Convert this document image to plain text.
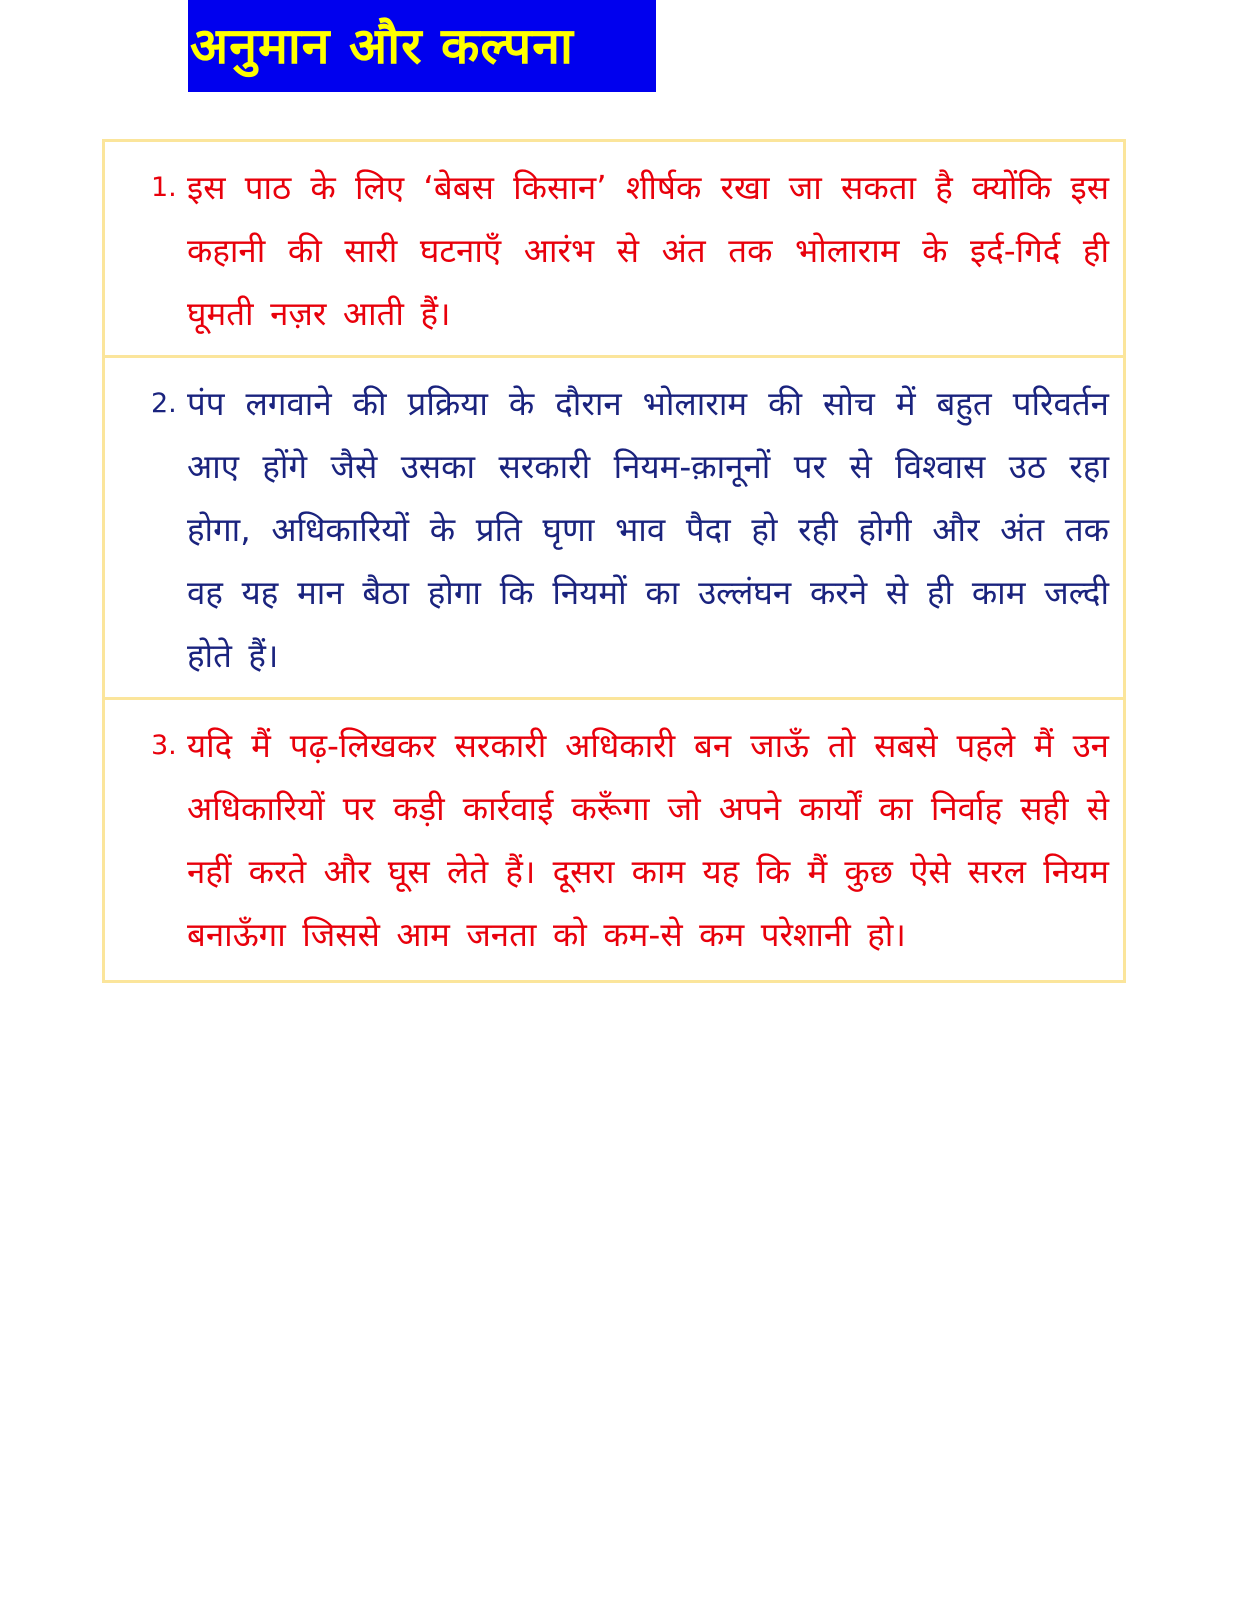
अनुमान और कल्पना
1. इस पाठ के लिए ‘बेबस किसान’ शीर्षक रखा जा सकता है क्योंकि इस कहानी की सारी घटनाएँ आरंभ से अंत तक भोलाराम के इर्द-गिर्द ही घूमती नज़र आती हैं।

2. पंप लगवाने की प्रक्रिया के दौरान भोलाराम की सोच में बहुत परिवर्तन आए होंगे जैसे उसका सरकारी नियम-क़ानूनों पर से विश्वास उठ रहा होगा, अधिकारियों के प्रति घृणा भाव पैदा हो रही होगी और अंत तक वह यह मान बैठा होगा कि नियमों का उल्लंघन करने से ही काम जल्दी होते हैं।

3. यदि मैं पढ़-लिखकर सरकारी अधिकारी बन जाऊँ तो सबसे पहले मैं उन अधिकारियों पर कड़ी कार्रवाई करूँगा जो अपने कार्यों का निर्वाह सही से नहीं करते और घूस लेते हैं। दूसरा काम यह कि मैं कुछ ऐसे सरल नियम बनाऊँगा जिससे आम जनता को कम-से कम परेशानी हो।
